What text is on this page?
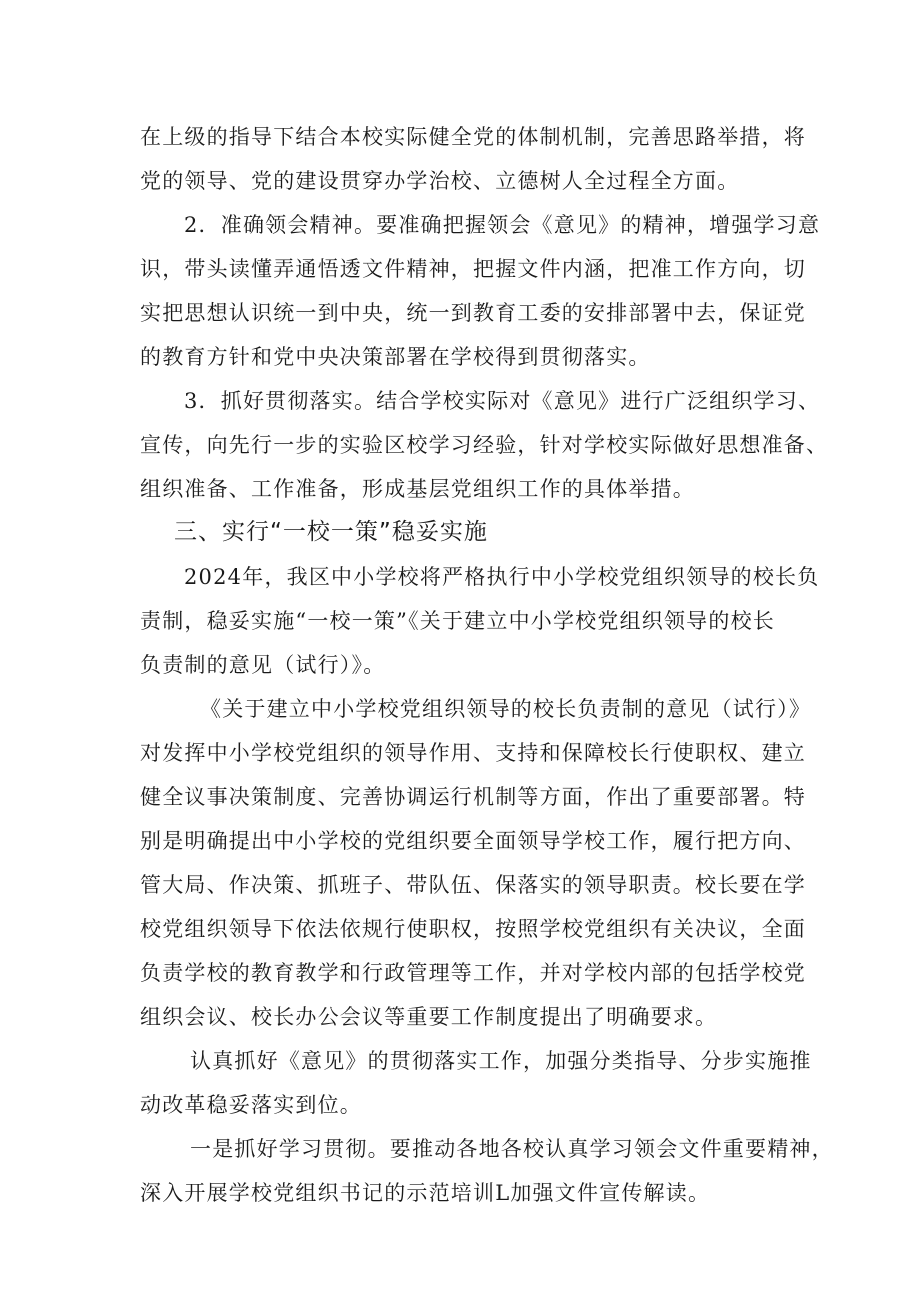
在上级的指导下结合本校实际健全党的体制机制，完善思路举措，将
党的领导、党的建设贯穿办学治校、立德树人全过程全方面。
2．准确领会精神。要准确把握领会《意见》的精神，增强学习意
识，带头读懂弄通悟透文件精神，把握文件内涵，把准工作方向，切
实把思想认识统一到中央，统一到教育工委的安排部署中去，保证党
的教育方针和党中央决策部署在学校得到贯彻落实。
3．抓好贯彻落实。结合学校实际对《意见》进行广泛组织学习、
宣传，向先行一步的实验区校学习经验，针对学校实际做好思想准备、
组织准备、工作准备，形成基层党组织工作的具体举措。
三、实行“一校一策”稳妥实施
2024年，我区中小学校将严格执行中小学校党组织领导的校长负
责制，稳妥实施“一校一策”《关于建立中小学校党组织领导的校长
负责制的意见（试行）》。
《关于建立中小学校党组织领导的校长负责制的意见（试行）》
对发挥中小学校党组织的领导作用、支持和保障校长行使职权、建立
健全议事决策制度、完善协调运行机制等方面，作出了重要部署。特
别是明确提出中小学校的党组织要全面领导学校工作，履行把方向、
管大局、作决策、抓班子、带队伍、保落实的领导职责。校长要在学
校党组织领导下依法依规行使职权，按照学校党组织有关决议，全面
负责学校的教育教学和行政管理等工作，并对学校内部的包括学校党
组织会议、校长办公会议等重要工作制度提出了明确要求。
认真抓好《意见》的贯彻落实工作，加强分类指导、分步实施推
动改革稳妥落实到位。
一是抓好学习贯彻。要推动各地各校认真学习领会文件重要精神，
深入开展学校党组织书记的示范培训L加强文件宣传解读。
